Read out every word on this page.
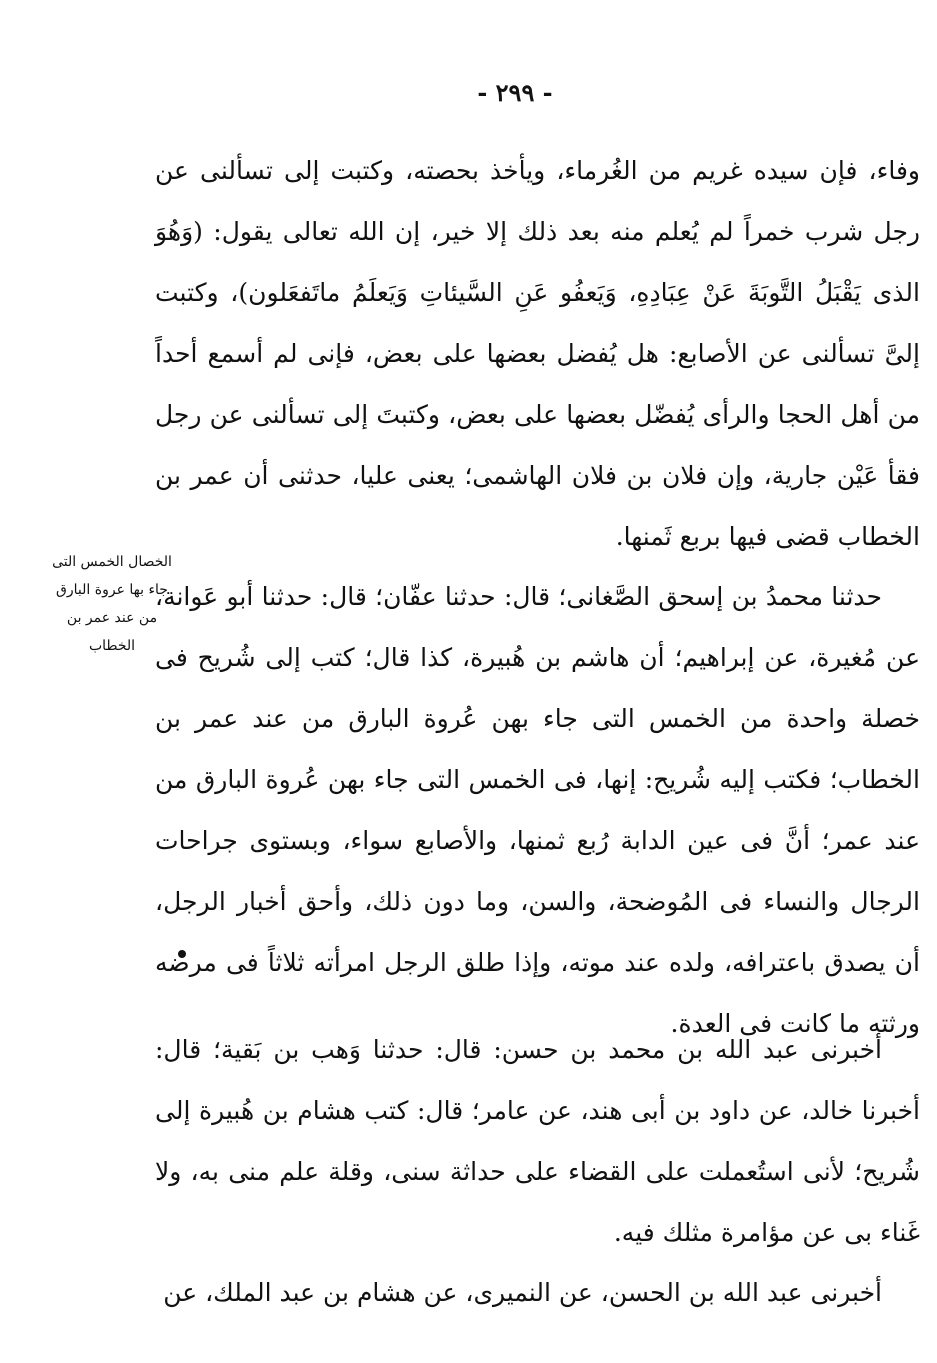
- ٢٩٩ -
الخصال الخمس التى جاء بها عروة البارق من عند عمر بن الخطاب

وفاء، فإن سيده غريم من الغُرماء، ويأخذ بحصته، وكتبت إلى تسألنى عن رجل شرب خمراً لم يُعلم منه بعد ذلك إلا خير، إن الله تعالى يقول: (وَهُوَ الذى يَقْبَلُ التَّوبَةَ عَنْ عِبَادِهِ، وَيَعفُو عَنِ السَّيئاتِ وَيَعلَمُ ماتَفعَلون)، وكتبت إلىَّ تسألنى عن الأصابع: هل يُفضل بعضها على بعض، فإنى لم أسمع أحداً من أهل الحجا والرأى يُفضّل بعضها على بعض، وكتبتَ إلى تسألنى عن رجل فقأ عَيْن جارية، وإن فلان بن فلان الهاشمى؛ يعنى عليا، حدثنى أن عمر بن الخطاب قضى فيها بربع ثَمنها.

حدثنا محمدُ بن إسحق الصَّغانى؛ قال: حدثنا عفّان؛ قال: حدثنا أبو عَوانة، عن مُغيرة، عن إبراهيم؛ أن هاشم بن هُبيرة، كذا قال؛ كتب إلى شُريح فى خصلة واحدة من الخمس التى جاء بهن عُروة البارق من عند عمر بن الخطاب؛ فكتب إليه شُريح: إنها، فى الخمس التى جاء بهن عُروة البارق من عند عمر؛ أنَّ فى عين الدابة رُبع ثمنها، والأصابع سواء، وبستوى جراحات الرجال والنساء فى المُوضحة، والسن، وما دون ذلك، وأحق أخبار الرجل، أن يصدق باعترافه، ولده عند موته، وإذا طلق الرجل امرأته ثلاثاً فى مرضه ورثته ما كانت فى العدة.

أخبرنى عبد الله بن محمد بن حسن: قال: حدثنا وَهب بن بَقية؛ قال: أخبرنا خالد، عن داود بن أبى هند، عن عامر؛ قال: كتب هشام بن هُبيرة إلى شُريح؛ لأنى استُعملت على القضاء على حداثة سنى، وقلة علم منى به، ولا غَناء بى عن مؤامرة مثلك فيه.

أخبرنى عبد الله بن الحسن، عن النميرى، عن هشام بن عبد الملك، عن
